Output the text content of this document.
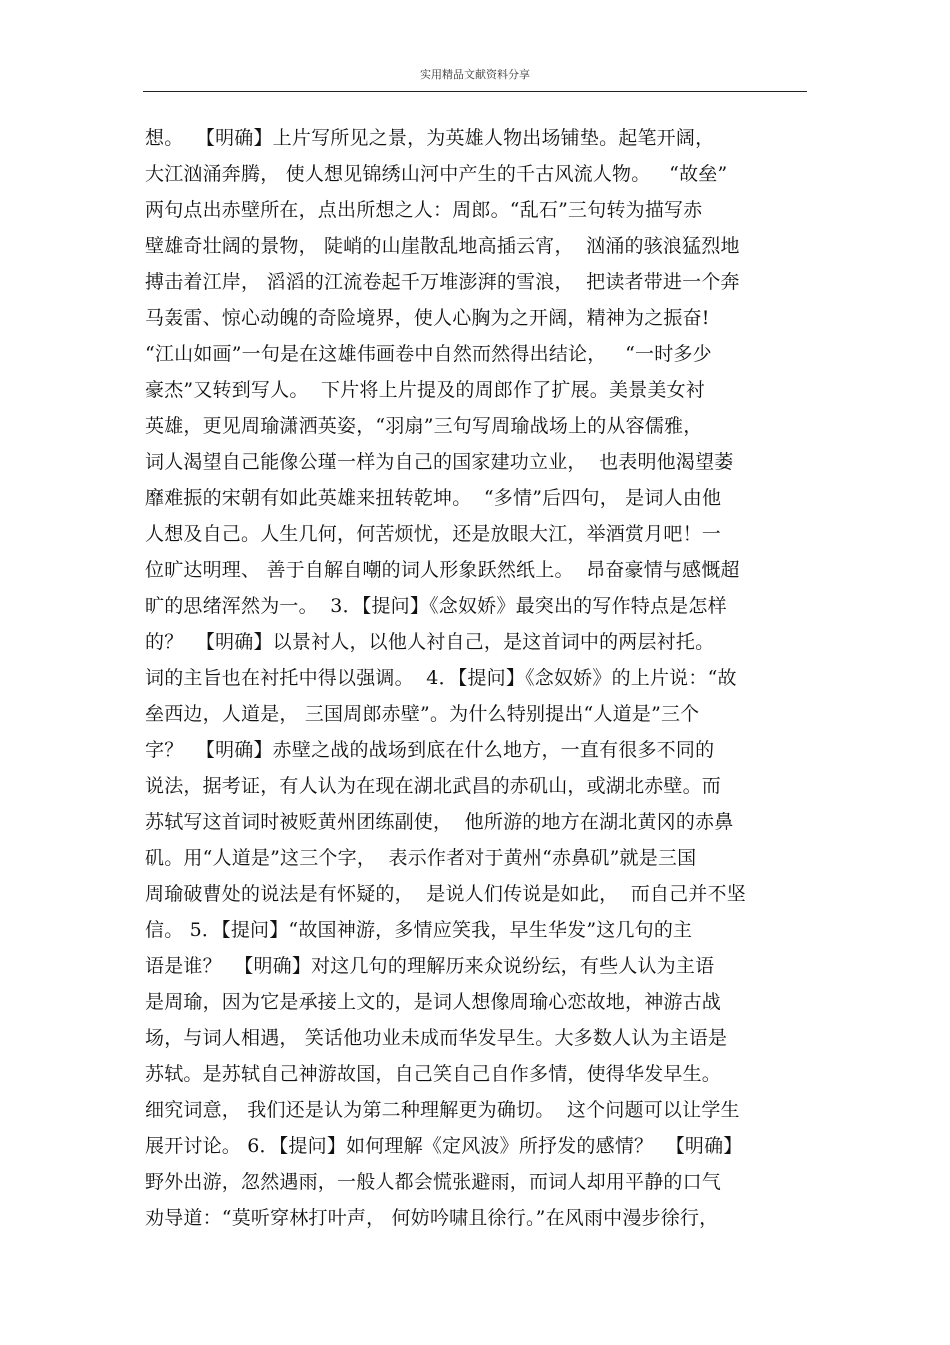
实用精品文献资料分享
想。  【明确】上片写所见之景，为英雄人物出场铺垫。起笔开阔，
大江汹涌奔腾， 使人想见锦绣山河中产生的千古风流人物。   “故垒”
两句点出赤壁所在，点出所想之人：周郎。“乱石”三句转为描写赤
壁雄奇壮阔的景物， 陡峭的山崖散乱地高插云宵，  汹涌的骇浪猛烈地
搏击着江岸， 滔滔的江流卷起千万堆澎湃的雪浪，  把读者带进一个奔
马轰雷、惊心动魄的奇险境界，使人心胸为之开阔，精神为之振奋!
“江山如画”一句是在这雄伟画卷中自然而然得出结论，   “一时多少
豪杰”又转到写人。  下片将上片提及的周郎作了扩展。美景美女衬
英雄，更见周瑜潇洒英姿，“羽扇”三句写周瑜战场上的从容儒雅，
词人渴望自己能像公瑾一样为自己的国家建功立业，  也表明他渴望萎
靡难振的宋朝有如此英雄来扭转乾坤。  “多情”后四句， 是词人由他
人想及自己。人生几何，何苦烦忧，还是放眼大江，举酒赏月吧！一
位旷达明理、 善于自解自嘲的词人形象跃然纸上。  昂奋豪情与感慨超
旷的思绪浑然为一。  3．【提问】《念奴娇》最突出的写作特点是怎样
的？  【明确】以景衬人，以他人衬自己，是这首词中的两层衬托。
词的主旨也在衬托中得以强调。  4．【提问】《念奴娇》的上片说：“故
垒西边，人道是， 三国周郎赤壁”。为什么特别提出“人道是”三个
字？  【明确】赤壁之战的战场到底在什么地方，一直有很多不同的
说法，据考证，有人认为在现在湖北武昌的赤矶山，或湖北赤壁。而
苏轼写这首词时被贬黄州团练副使，  他所游的地方在湖北黄冈的赤鼻
矶。用“人道是”这三个字，  表示作者对于黄州“赤鼻矶”就是三国
周瑜破曹处的说法是有怀疑的，  是说人们传说是如此，  而自己并不坚
信。 5．【提问】“故国神游，多情应笑我，早生华发”这几句的主
语是谁？  【明确】对这几句的理解历来众说纷纭，有些人认为主语
是周瑜，因为它是承接上文的，是词人想像周瑜心恋故地，神游古战
场，与词人相遇， 笑话他功业未成而华发早生。大多数人认为主语是
苏轼。是苏轼自己神游故国，自己笑自己自作多情，使得华发早生。
细究词意， 我们还是认为第二种理解更为确切。  这个问题可以让学生
展开讨论。 6．【提问】如何理解《定风波》所抒发的感情？  【明确】
野外出游，忽然遇雨，一般人都会慌张避雨，而词人却用平静的口气
劝导道：“莫听穿林打叶声， 何妨吟啸且徐行。”在风雨中漫步徐行，
